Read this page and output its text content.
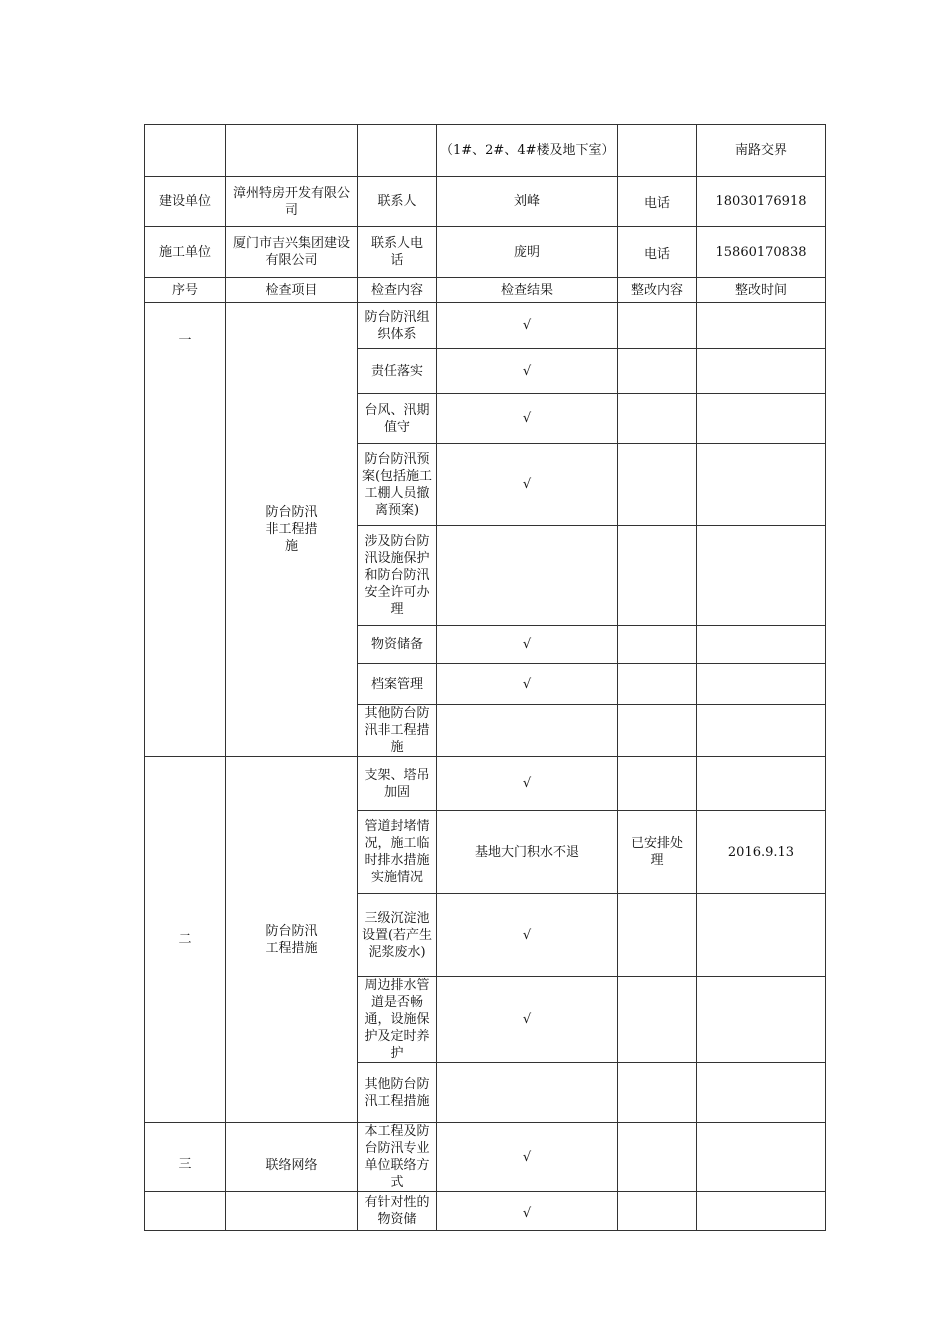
			（1#、2#、4#楼及地下室）		南路交界
建设单位	漳州特房开发有限公司	联系人	刘峰	电话	18030176918
施工单位	厦门市吉兴集团建设有限公司	联系人电话	庞明	电话	15860170838
序号	检查项目	检查内容	检查结果	整改内容	整改时间
	防台防汛非工程措施	防台防汛组织体系	√		
		责任落实	√		

一		台风、汛期值守	√		
		防台防汛预案(包括施工工棚人员撤离预案)	√		
		涉及防台防汛设施保护和防台防汛安全许可办理			
		物资储备	√		
		档案管理	√		
		其他防台防汛非工程措施			
二	防台防汛工程措施	支架、塔吊加固	√		
		管道封堵情况，施工临时排水措施实施情况	基地大门积水不退	已安排处理	2016.9.13
		三级沉淀池设置(若产生泥浆废水)	√		
		周边排水管道是否畅通，设施保护及定时养护	√		
		其他防台防汛工程措施			
三	联络网络	本工程及防台防汛专业单位联络方式	√		
		有针对性的物资储	√		
